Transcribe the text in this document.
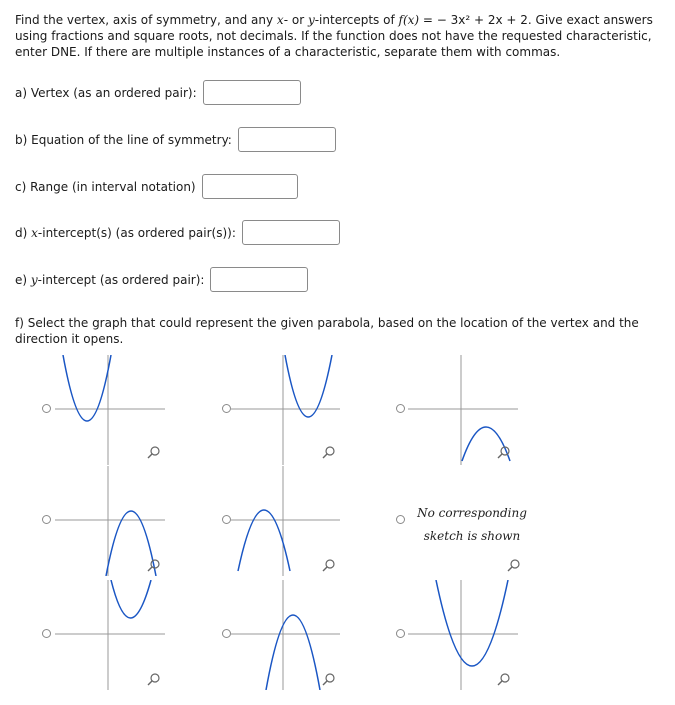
Find the vertex, axis of symmetry, and any x- or y-intercepts of f(x) = − 3x² + 2x + 2. Give exact answers using fractions and square roots, not decimals. If the function does not have the requested characteristic, enter DNE. If there are multiple instances of a characteristic, separate them with commas.
a) Vertex (as an ordered pair):
b) Equation of the line of symmetry:
c) Range (in interval notation)
d) x-intercept(s) (as ordered pair(s)):
e) y-intercept (as ordered pair):
f) Select the graph that could represent the given parabola, based on the location of the vertex and the direction it opens.
No corresponding
sketch is shown
